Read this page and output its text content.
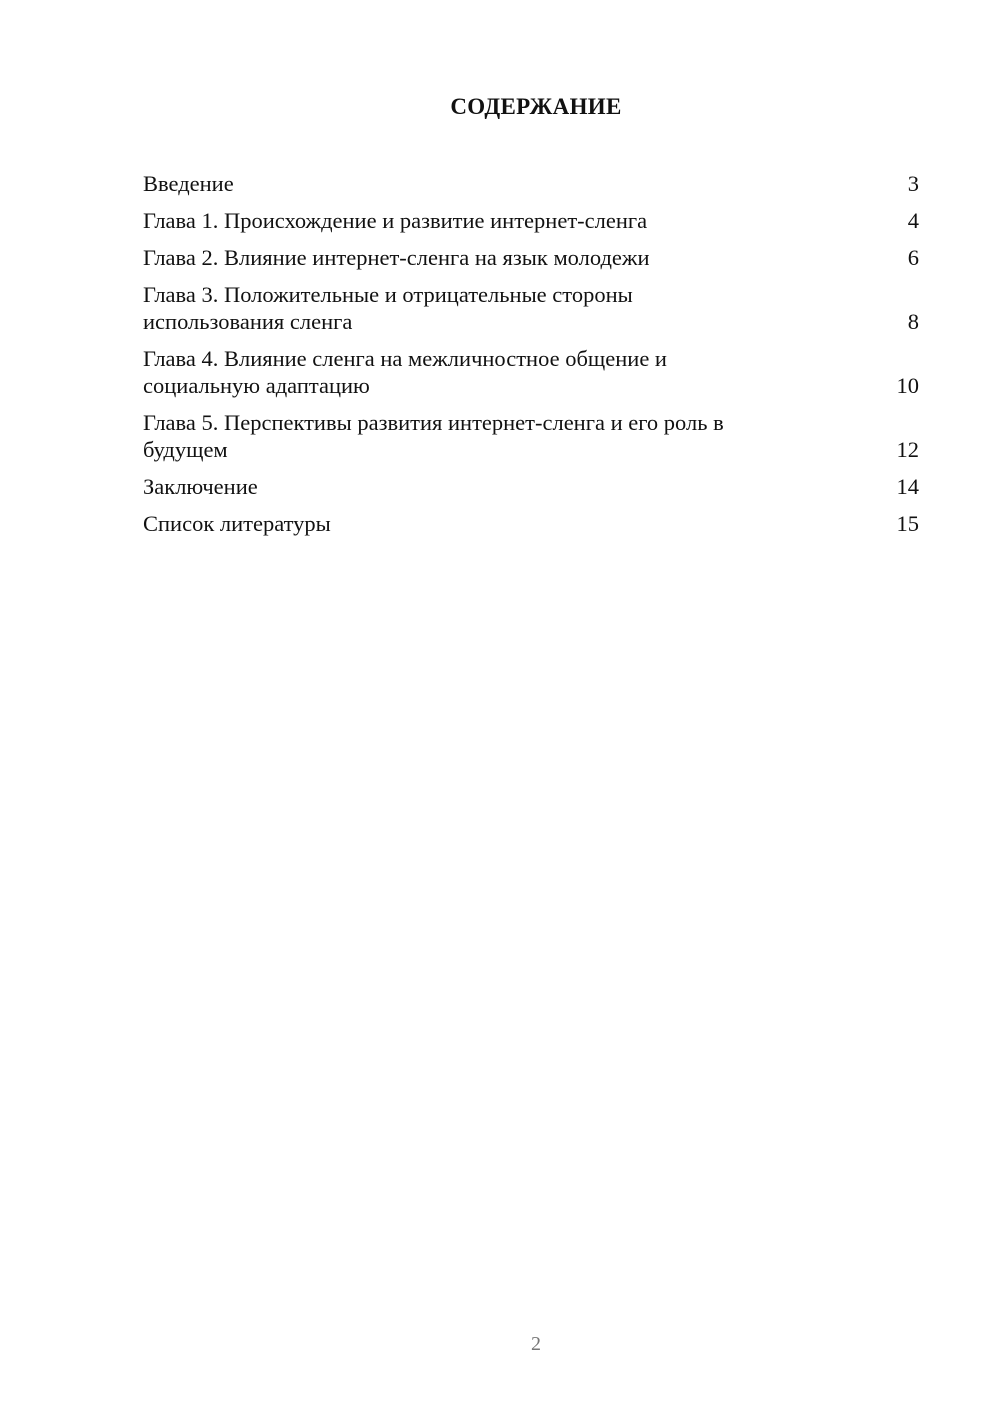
СОДЕРЖАНИЕ
Введение	3
Глава 1. Происхождение и развитие интернет-сленга	4
Глава 2. Влияние интернет-сленга на язык молодежи	6
Глава 3. Положительные и отрицательные стороны
использования сленга	8
Глава 4. Влияние сленга на межличностное общение и
социальную адаптацию	10
Глава 5. Перспективы развития интернет-сленга и его роль в
будущем	12
Заключение	14
Список литературы	15
2
